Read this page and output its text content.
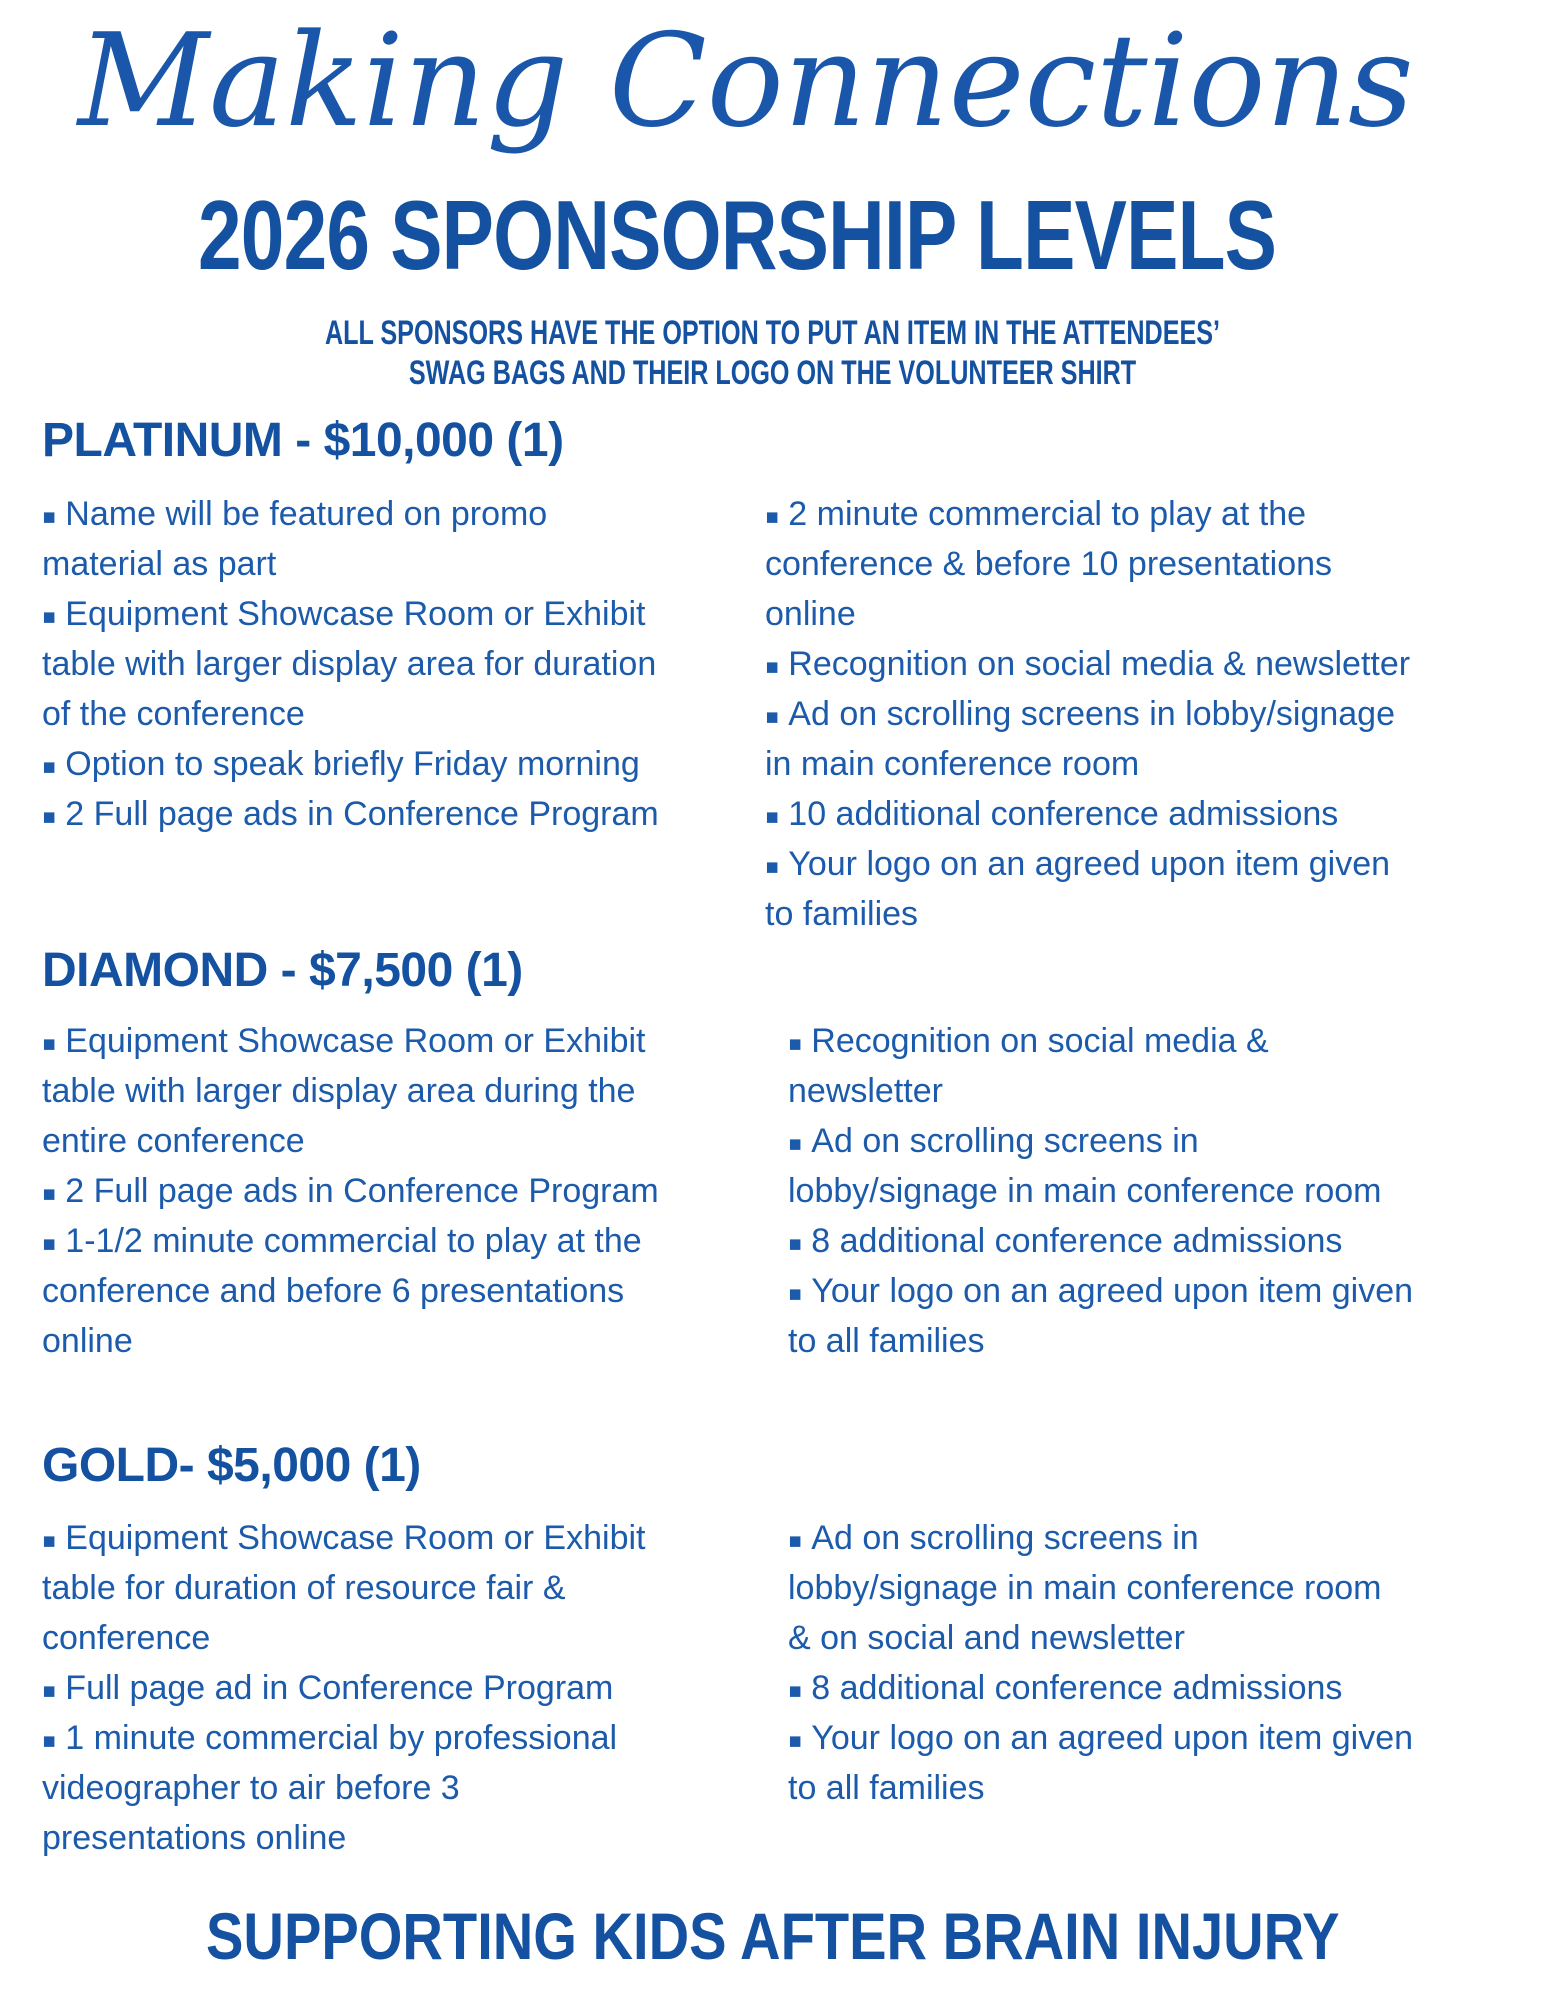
Making Connections
2026 SPONSORSHIP LEVELS
ALL SPONSORS HAVE THE OPTION TO PUT AN ITEM IN THE ATTENDEES’
SWAG BAGS AND THEIR LOGO ON THE VOLUNTEER SHIRT
PLATINUM - $10,000 (1)
▪ Name will be featured on promo
material as part
▪ Equipment Showcase Room or Exhibit
table with larger display area for duration
of the conference
▪ Option to speak briefly Friday morning
▪ 2 Full page ads in Conference Program
▪ 2 minute commercial to play at the
conference & before 10 presentations
online
▪ Recognition on social media & newsletter
▪ Ad on scrolling screens in lobby/signage
in main conference room
▪ 10 additional conference admissions
▪ Your logo on an agreed upon item given
to families
DIAMOND - $7,500 (1)
▪ Equipment Showcase Room or Exhibit
table with larger display area during the
entire conference
▪ 2 Full page ads in Conference Program
▪ 1-1/2 minute commercial to play at the
conference and before 6 presentations
online
▪ Recognition on social media &
newsletter
▪ Ad on scrolling screens in
lobby/signage in main conference room
▪ 8 additional conference admissions
▪ Your logo on an agreed upon item given
to all families
GOLD- $5,000 (1)
▪ Equipment Showcase Room or Exhibit
table for duration of resource fair &
conference
▪ Full page ad in Conference Program
▪ 1 minute commercial by professional
videographer to air before 3
presentations online
▪ Ad on scrolling screens in
lobby/signage in main conference room
& on social and newsletter
▪ 8 additional conference admissions
▪ Your logo on an agreed upon item given
to all families
SUPPORTING KIDS AFTER BRAIN INJURY
